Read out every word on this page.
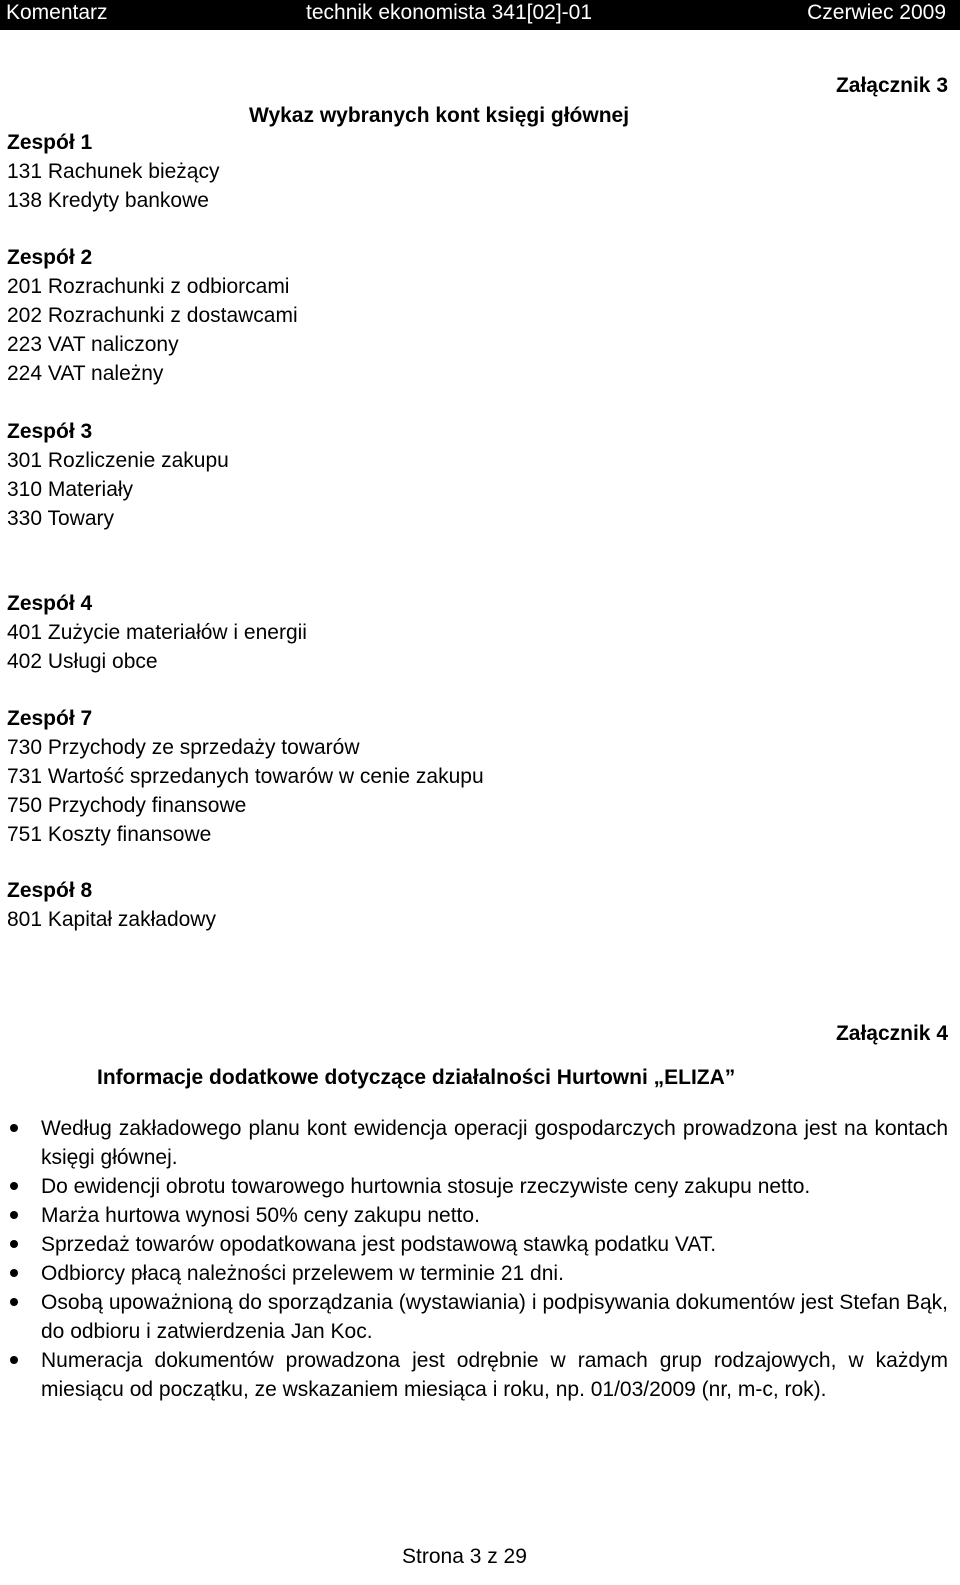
Komentarz	technik ekonomista 341[02]-01	Czerwiec 2009
Załącznik 3
Wykaz wybranych kont księgi głównej
Zespół 1
131 Rachunek bieżący
138 Kredyty bankowe
Zespół 2
201 Rozrachunki z odbiorcami
202 Rozrachunki z dostawcami
223 VAT naliczony
224 VAT należny
Zespół 3
301 Rozliczenie zakupu
310 Materiały
330 Towary
Zespół 4
401 Zużycie materiałów i energii
402 Usługi obce
Zespół 7
730 Przychody ze sprzedaży towarów
731 Wartość sprzedanych towarów w cenie zakupu
750 Przychody finansowe
751 Koszty finansowe
Zespół 8
801 Kapitał zakładowy
Załącznik 4
Informacje dodatkowe dotyczące działalności Hurtowni „ELIZA”
Według zakładowego planu kont ewidencja operacji gospodarczych prowadzona jest na kontach księgi głównej.
Do ewidencji obrotu towarowego hurtownia stosuje rzeczywiste ceny zakupu netto.
Marża hurtowa wynosi 50% ceny zakupu netto.
Sprzedaż towarów opodatkowana jest podstawową stawką podatku VAT.
Odbiorcy płacą należności przelewem w terminie 21 dni.
Osobą upoważnioną do sporządzania (wystawiania) i podpisywania dokumentów jest Stefan Bąk, do odbioru i zatwierdzenia Jan Koc.
Numeracja dokumentów prowadzona jest odrębnie w ramach grup rodzajowych, w każdym miesiącu od początku, ze wskazaniem miesiąca i roku, np. 01/03/2009 (nr, m-c, rok).
Strona 3 z 29
